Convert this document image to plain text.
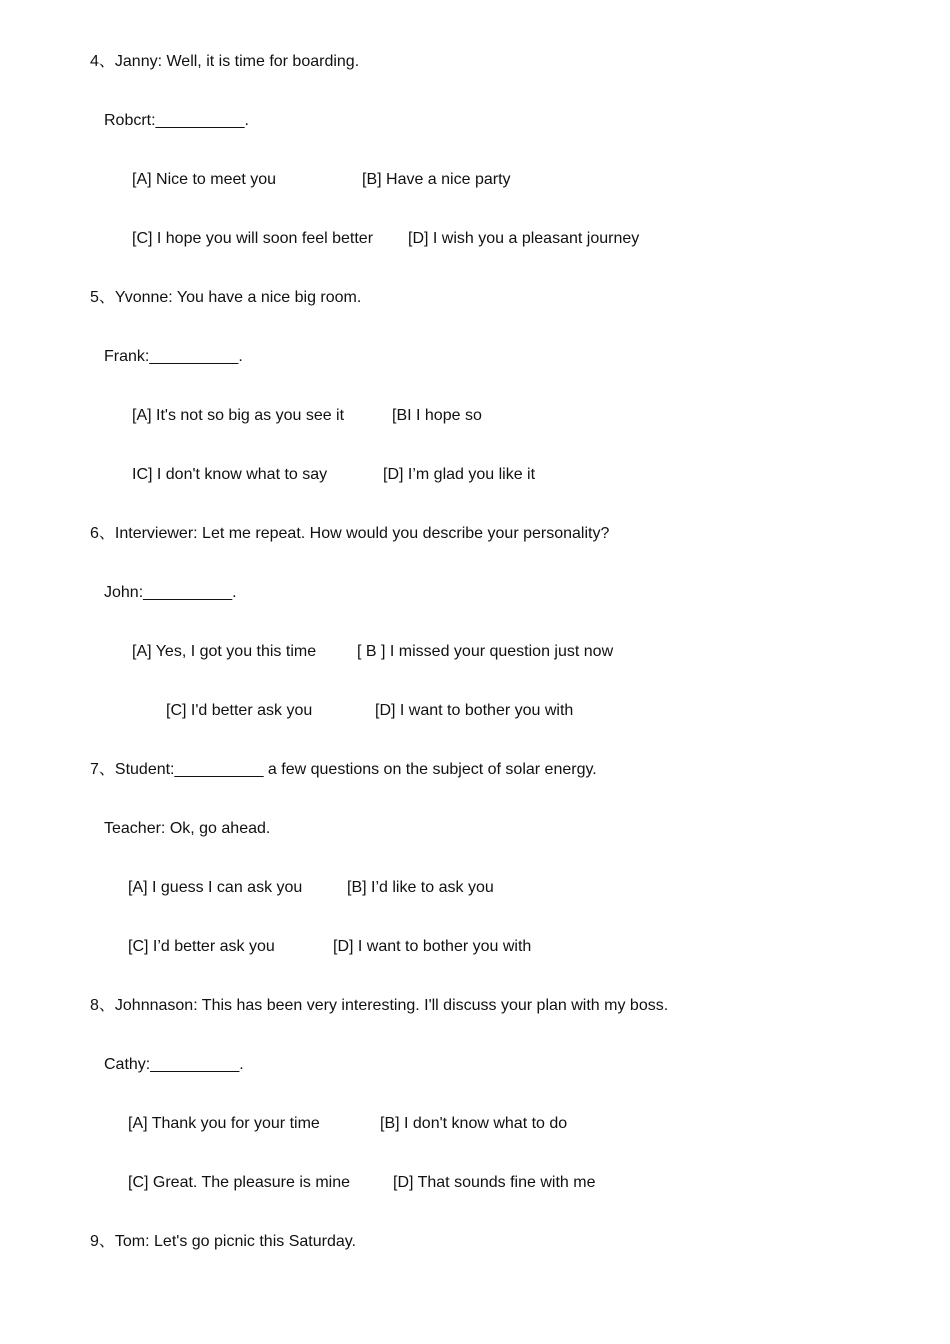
4、Janny: Well, it is time for boarding.
Robcrt:__________.
[A] Nice to meet you	[B] Have a nice party
[C] I hope you will soon feel better [D] I wish you a pleasant journey
5、Yvonne: You have a nice big room.
Frank:__________.
[A] It's not so big as you see it	[BI I hope so
IC] I don't know what to say	[D] I’m glad you like it
6、Interviewer: Let me repeat. How would you describe your personality?
John:__________.
[A] Yes, I got you this time	[ B ] I missed your question just now
[C] I'd better ask you	[D] I want to bother you with
7、Student:__________ a few questions on the subject of solar energy.
Teacher: Ok, go ahead.
[A] I guess I can ask you	[B] I’d like to ask you
[C] I’d better ask you	[D] I want to bother you with
8、Johnnason: This has been very interesting. I'll discuss your plan with my boss.
Cathy:__________.
[A] Thank you for your time	[B] I don't know what to do
[C] Great. The pleasure is mine	[D] That sounds fine with me
9、Tom: Let's go picnic this Saturday.
